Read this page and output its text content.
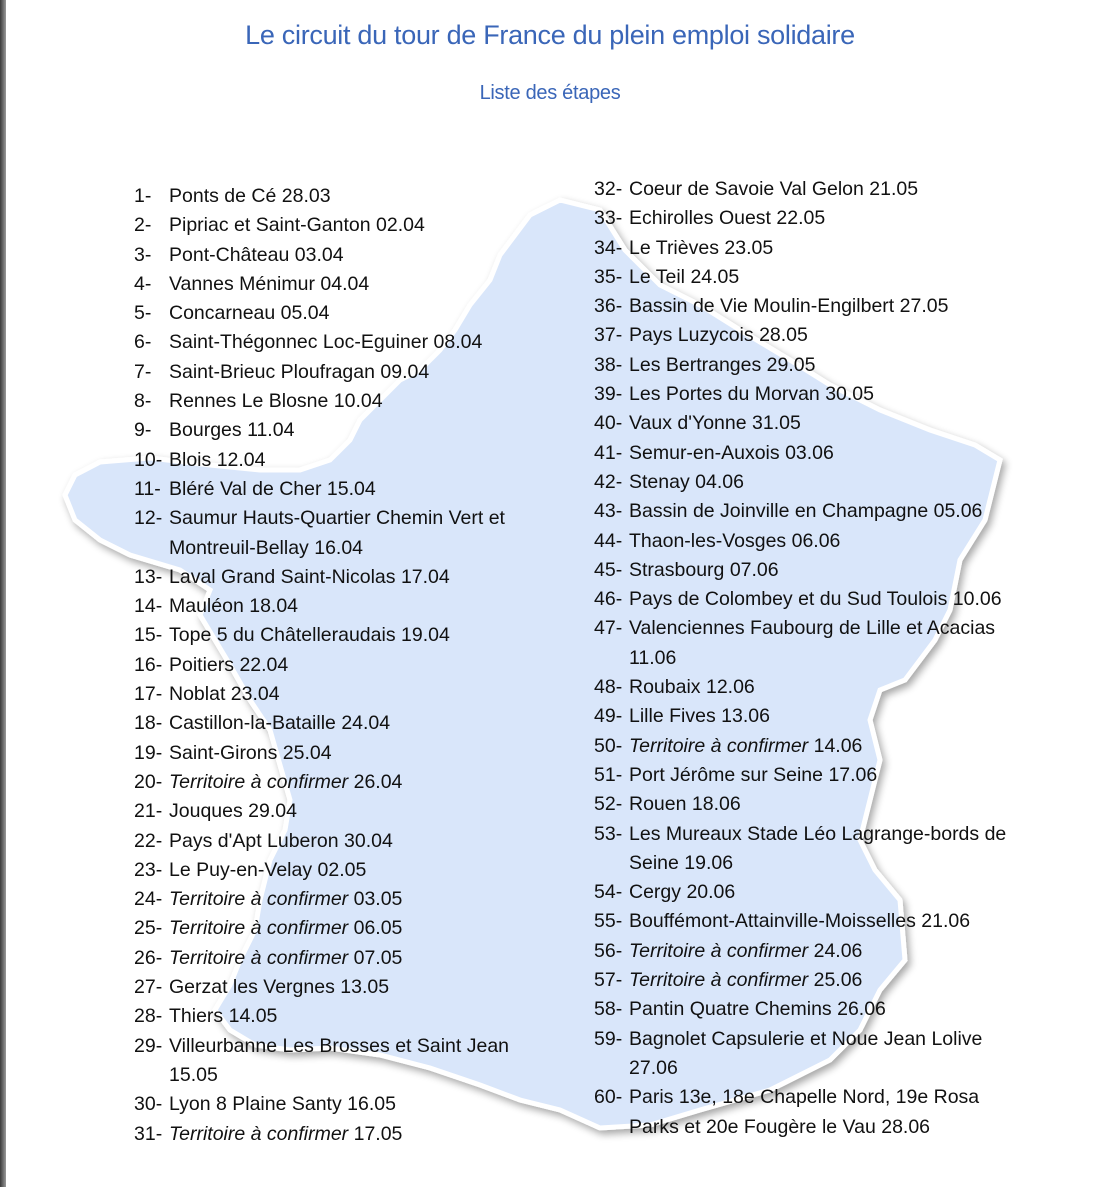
Le circuit du tour de France du plein emploi solidaire
Liste des étapes
1- Ponts de Cé 28.03
2- Pipriac et Saint-Ganton 02.04
3- Pont-Château 03.04
4- Vannes Ménimur 04.04
5- Concarneau 05.04
6- Saint-Thégonnec Loc-Eguiner 08.04
7- Saint-Brieuc Ploufragan 09.04
8- Rennes Le Blosne 10.04
9- Bourges 11.04
10- Blois 12.04
11- Bléré Val de Cher 15.04
12- Saumur Hauts-Quartier Chemin Vert et Montreuil-Bellay 16.04
13- Laval Grand Saint-Nicolas 17.04
14- Mauléon 18.04
15- Tope 5 du Châtelleraudais 19.04
16- Poitiers 22.04
17- Noblat 23.04
18- Castillon-la-Bataille 24.04
19- Saint-Girons 25.04
20- Territoire à confirmer 26.04
21- Jouques 29.04
22- Pays d'Apt Luberon 30.04
23- Le Puy-en-Velay 02.05
24- Territoire à confirmer 03.05
25- Territoire à confirmer 06.05
26- Territoire à confirmer 07.05
27- Gerzat les Vergnes 13.05
28- Thiers 14.05
29- Villeurbanne Les Brosses et Saint Jean 15.05
30- Lyon 8 Plaine Santy 16.05
31- Territoire à confirmer 17.05
32- Coeur de Savoie Val Gelon 21.05
33- Echirolles Ouest 22.05
34- Le Trièves 23.05
35- Le Teil 24.05
36- Bassin de Vie Moulin-Engilbert 27.05
37- Pays Luzycois 28.05
38- Les Bertranges 29.05
39- Les Portes du Morvan 30.05
40- Vaux d'Yonne 31.05
41- Semur-en-Auxois 03.06
42- Stenay 04.06
43- Bassin de Joinville en Champagne 05.06
44- Thaon-les-Vosges 06.06
45- Strasbourg 07.06
46- Pays de Colombey et du Sud Toulois 10.06
47- Valenciennes Faubourg de Lille et Acacias 11.06
48- Roubaix 12.06
49- Lille Fives 13.06
50- Territoire à confirmer 14.06
51- Port Jérôme sur Seine 17.06
52- Rouen 18.06
53- Les Mureaux Stade Léo Lagrange-bords de Seine 19.06
54- Cergy 20.06
55- Bouffémont-Attainville-Moisselles 21.06
56- Territoire à confirmer 24.06
57- Territoire à confirmer 25.06
58- Pantin Quatre Chemins 26.06
59- Bagnolet Capsulerie et Noue Jean Lolive 27.06
60- Paris 13e, 18e Chapelle Nord, 19e Rosa Parks et 20e Fougère le Vau 28.06
